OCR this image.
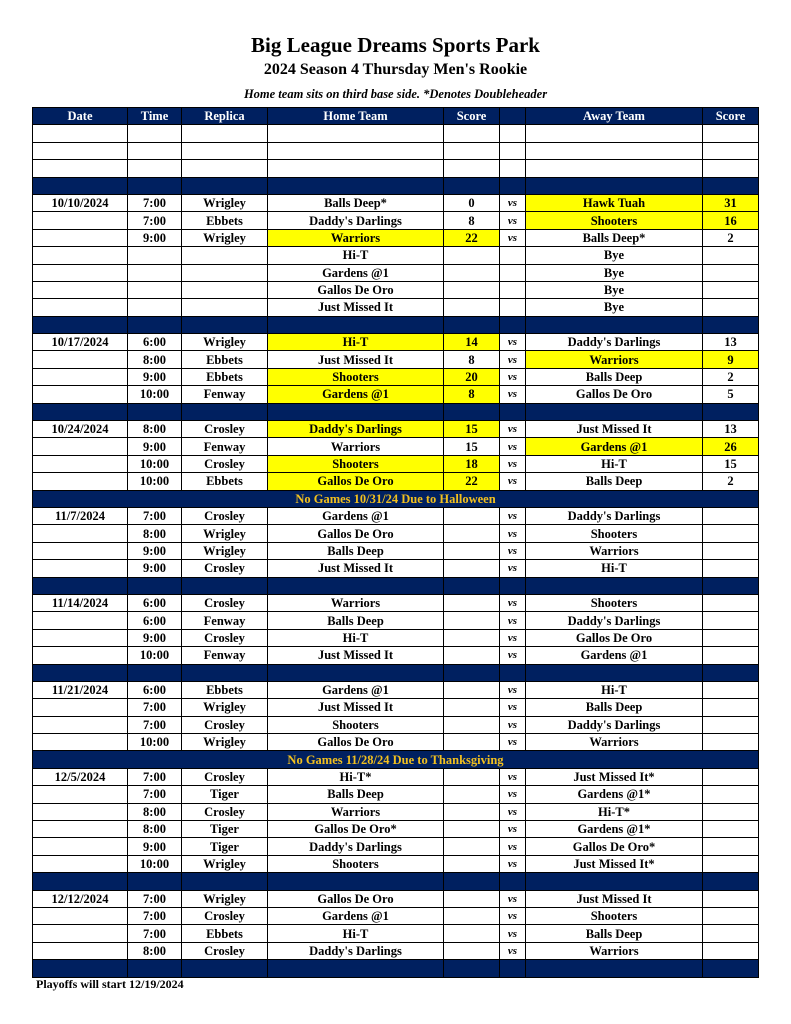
Big League Dreams Sports Park
2024 Season 4 Thursday Men's Rookie
Home team sits on third base side. *Denotes Doubleheader
Date	Time	Replica	Home Team	Score		Away Team	Score

10/10/2024	7:00	Wrigley	Balls Deep*	0	vs	Hawk Tuah	31
	7:00	Ebbets	Daddy's Darlings	8	vs	Shooters	16
	9:00	Wrigley	Warriors	22	vs	Balls Deep*	2
			Hi-T			Bye	
			Gardens @1			Bye	
			Gallos De Oro			Bye	
			Just Missed It			Bye	

10/17/2024	6:00	Wrigley	Hi-T	14	vs	Daddy's Darlings	13
	8:00	Ebbets	Just Missed It	8	vs	Warriors	9
	9:00	Ebbets	Shooters	20	vs	Balls Deep	2
	10:00	Fenway	Gardens @1	8	vs	Gallos De Oro	5

10/24/2024	8:00	Crosley	Daddy's Darlings	15	vs	Just Missed It	13
	9:00	Fenway	Warriors	15	vs	Gardens @1	26
	10:00	Crosley	Shooters	18	vs	Hi-T	15
	10:00	Ebbets	Gallos De Oro	22	vs	Balls Deep	2
No Games 10/31/24 Due to Halloween							
11/7/2024	7:00	Crosley	Gardens @1		vs	Daddy's Darlings	
	8:00	Wrigley	Gallos De Oro		vs	Shooters	
	9:00	Wrigley	Balls Deep		vs	Warriors	
	9:00	Crosley	Just Missed It		vs	Hi-T	

11/14/2024	6:00	Crosley	Warriors		vs	Shooters	
	6:00	Fenway	Balls Deep		vs	Daddy's Darlings	
	9:00	Crosley	Hi-T		vs	Gallos De Oro	
	10:00	Fenway	Just Missed It		vs	Gardens @1	

11/21/2024	6:00	Ebbets	Gardens @1		vs	Hi-T	
	7:00	Wrigley	Just Missed It		vs	Balls Deep	
	7:00	Crosley	Shooters		vs	Daddy's Darlings	
	10:00	Wrigley	Gallos De Oro		vs	Warriors	
No Games 11/28/24 Due to Thanksgiving							
12/5/2024	7:00	Crosley	Hi-T*		vs	Just Missed It*	
	7:00	Tiger	Balls Deep		vs	Gardens @1*	
	8:00	Crosley	Warriors		vs	Hi-T*	
	8:00	Tiger	Gallos De Oro*		vs	Gardens @1*	
	9:00	Tiger	Daddy's Darlings		vs	Gallos De Oro*	
	10:00	Wrigley	Shooters		vs	Just Missed It*	

12/12/2024	7:00	Wrigley	Gallos De Oro		vs	Just Missed It	
	7:00	Crosley	Gardens @1		vs	Shooters	
	7:00	Ebbets	Hi-T		vs	Balls Deep	
	8:00	Crosley	Daddy's Darlings		vs	Warriors	

Playoffs will start 12/19/2024
